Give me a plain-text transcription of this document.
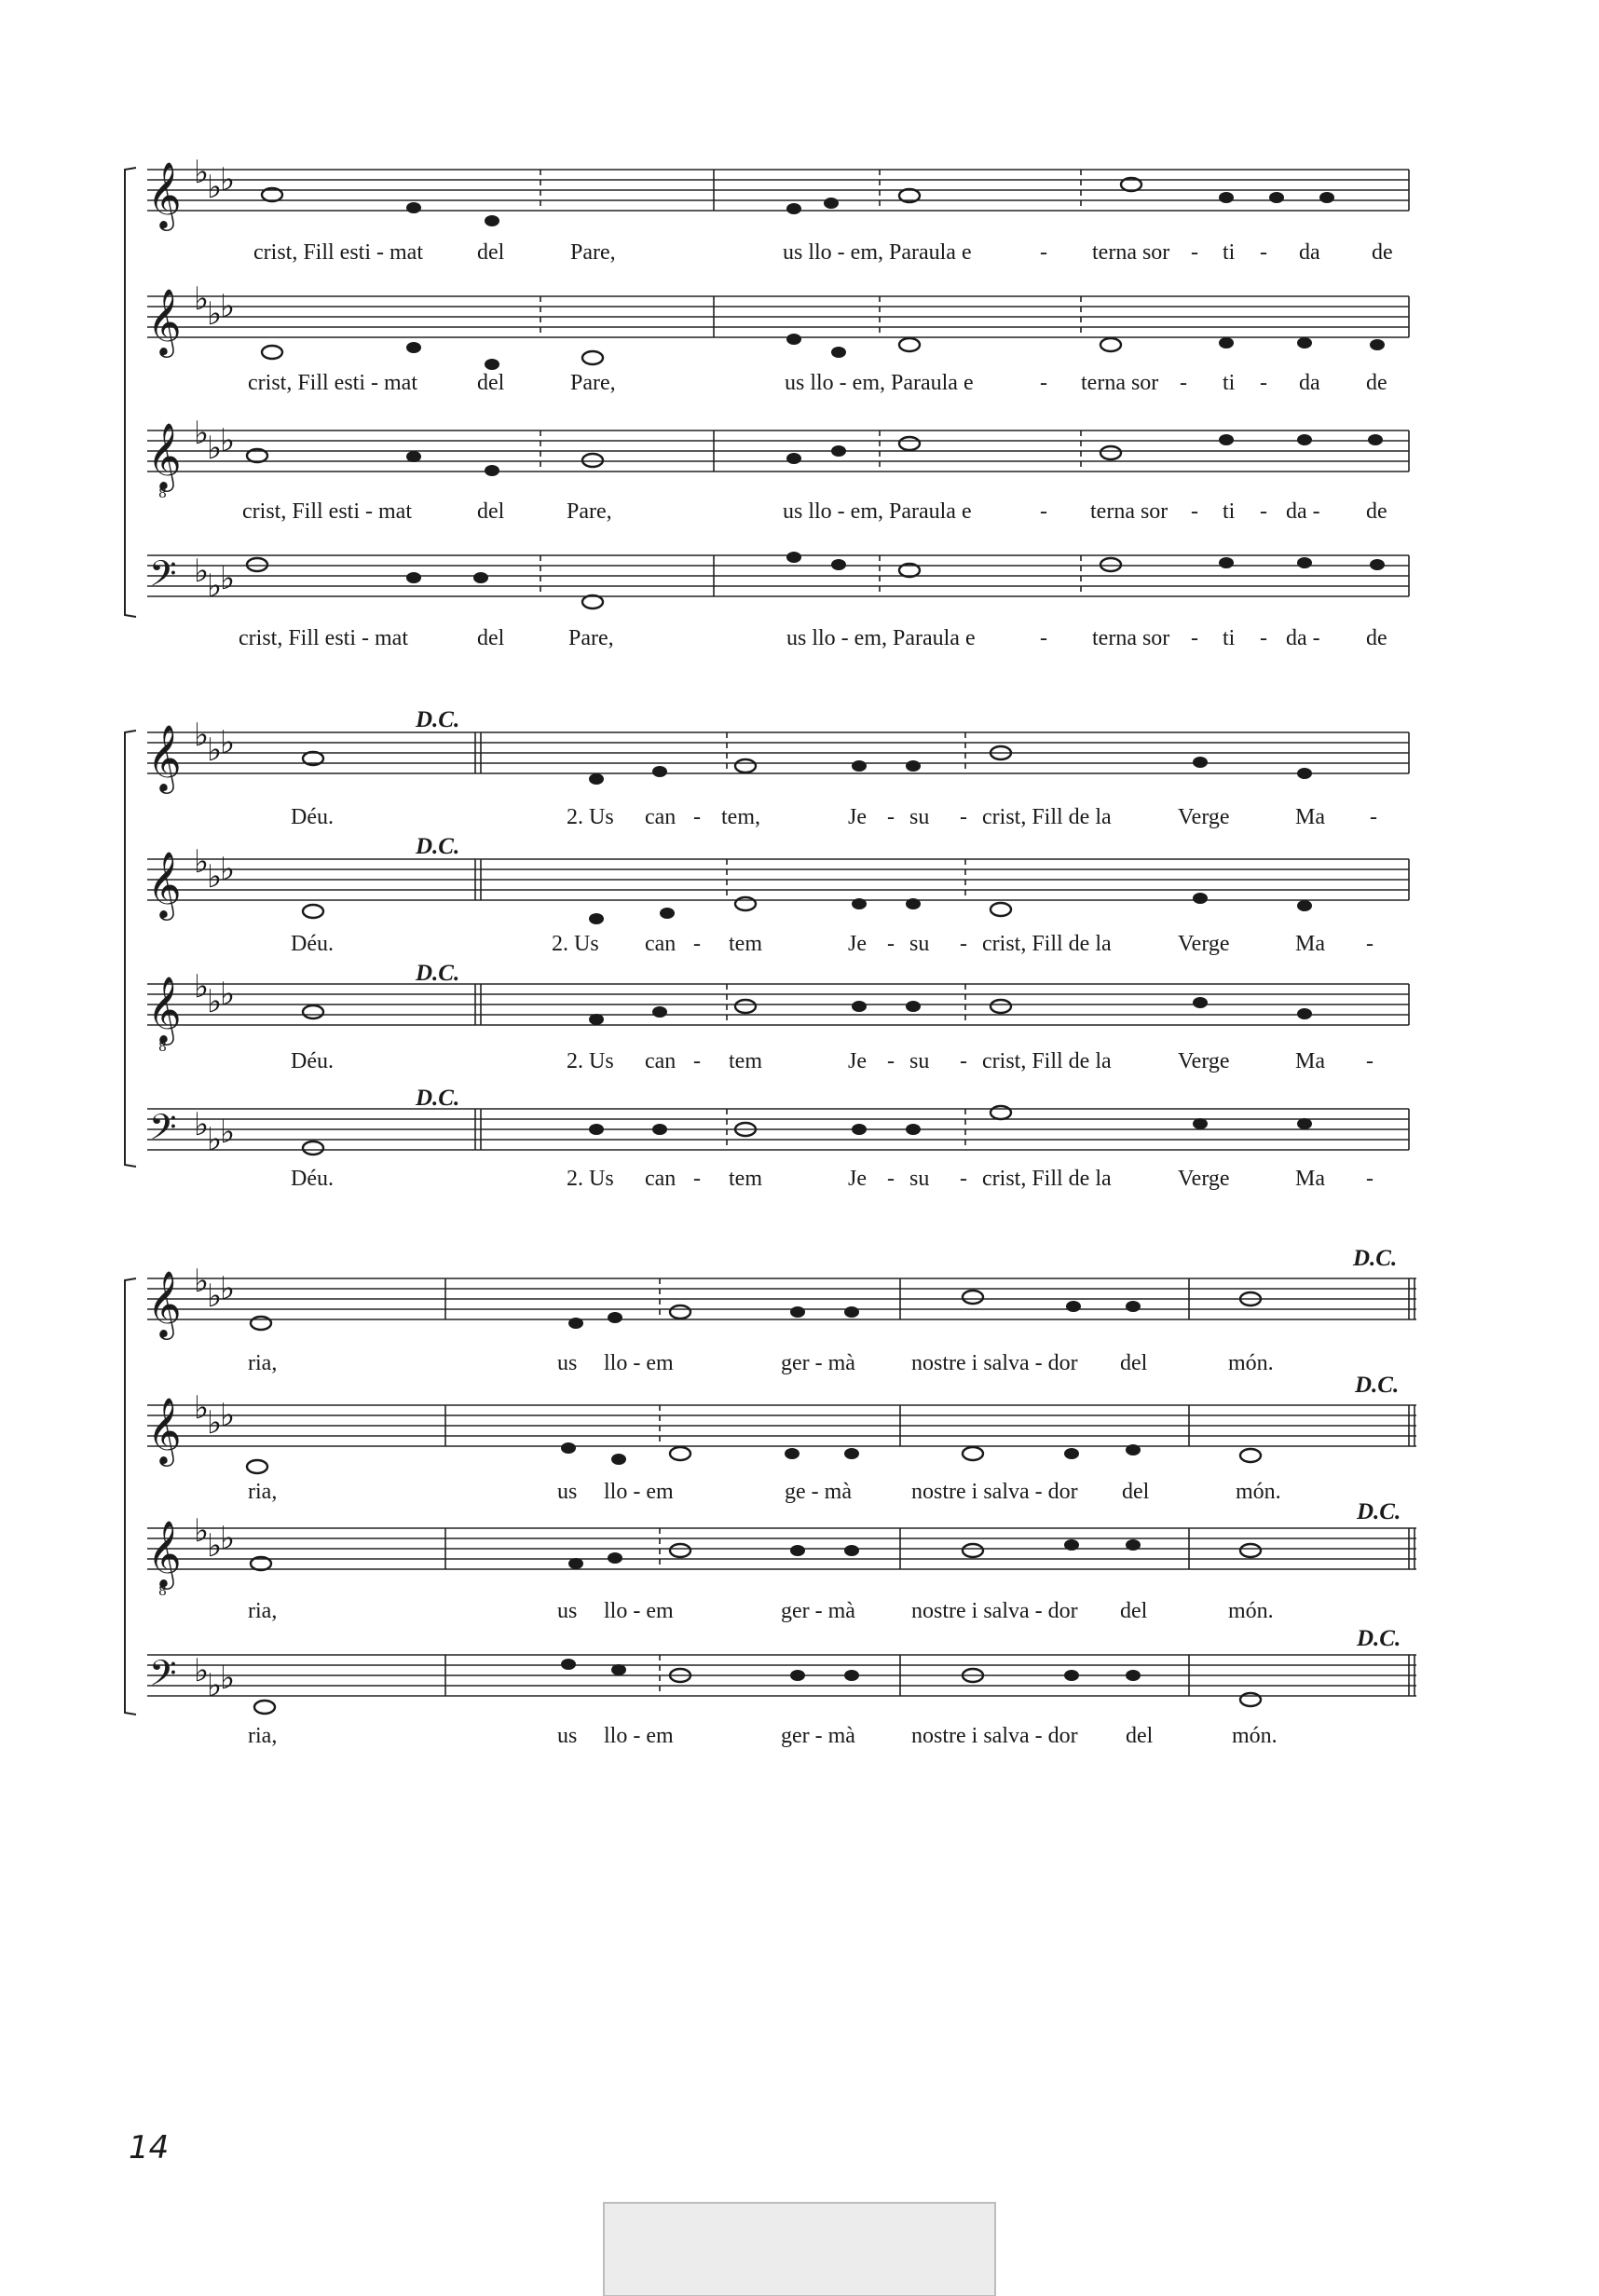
𝄞 ♭
♭
♭
crist, Fill esti - mat del	Pare,	us llo - em, Paraula e	- terna sor - ti - da de
𝄞 ♭
♭
♭
crist, Fill esti - mat	del	Pare,	us llo - em, Paraula e	- terna sor - ti - da de
𝄞
8
♭
♭
♭
crist, Fill esti - mat	del	Pare,	us llo - em, Paraula e	- terna sor - ti - da - de
𝄢 ♭
♭
♭
crist, Fill esti - mat	del	Pare,	us llo - em, Paraula e	- terna sor - ti - da - de
D.C.
𝄞 ♭
♭
♭
Déu.	2. Us can - tem,	Je - su - crist, Fill de la	Verge	Ma -
D.C.
𝄞 ♭
♭
♭
Déu.	2. Us can - tem	Je - su - crist, Fill de la	Verge	Ma -
D.C.
𝄞
8
♭
♭
♭
Déu.	2. Us can - tem	Je - su - crist, Fill de la	Verge	Ma -
D.C.
𝄢 ♭
♭
♭
Déu.	2. Us can - tem	Je - su - crist, Fill de la	Verge	Ma -
D.C.
𝄞 ♭
♭
♭
ria,	us llo - em	ger - mà	nostre i salva - dor del	món.
D.C.
𝄞 ♭
♭
♭
ria,	us llo - em	ge - mà	nostre i salva - dor del	món.
D.C.
𝄞
8
♭
♭
♭
ria,	us llo - em	ger - mà	nostre i salva - dor del	món.
D.C.
𝄢 ♭
♭
♭
ria,	us llo - em	ger - mà	nostre i salva - dor del	món.
14
